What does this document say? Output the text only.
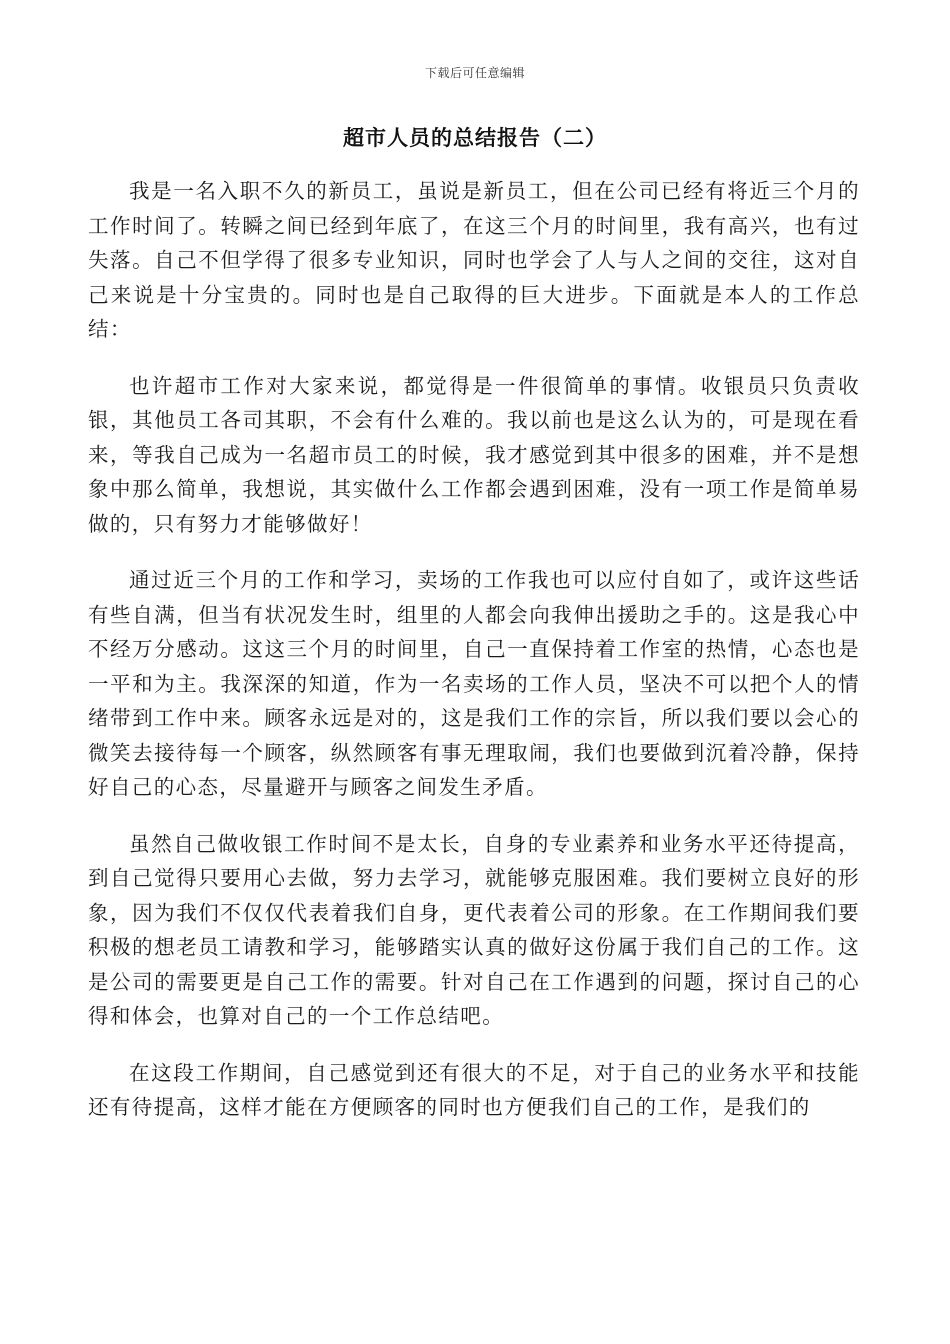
下载后可任意编辑
超市人员的总结报告（二）

我是一名入职不久的新员工，虽说是新员工，但在公司已经有将近三个月的工作时间了。转瞬之间已经到年底了，在这三个月的时间里，我有高兴，也有过失落。自己不但学得了很多专业知识，同时也学会了人与人之间的交往，这对自己来说是十分宝贵的。同时也是自己取得的巨大进步。下面就是本人的工作总结：

也许超市工作对大家来说，都觉得是一件很简单的事情。收银员只负责收银，其他员工各司其职，不会有什么难的。我以前也是这么认为的，可是现在看来，等我自己成为一名超市员工的时候，我才感觉到其中很多的困难，并不是想象中那么简单，我想说，其实做什么工作都会遇到困难，没有一项工作是简单易做的，只有努力才能够做好！

通过近三个月的工作和学习，卖场的工作我也可以应付自如了，或许这些话有些自满，但当有状况发生时，组里的人都会向我伸出援助之手的。这是我心中不经万分感动。这这三个月的时间里，自己一直保持着工作室的热情，心态也是一平和为主。我深深的知道，作为一名卖场的工作人员，坚决不可以把个人的情绪带到工作中来。顾客永远是对的，这是我们工作的宗旨，所以我们要以会心的微笑去接待每一个顾客，纵然顾客有事无理取闹，我们也要做到沉着冷静，保持好自己的心态，尽量避开与顾客之间发生矛盾。

虽然自己做收银工作时间不是太长，自身的专业素养和业务水平还待提高，到自己觉得只要用心去做，努力去学习，就能够克服困难。我们要树立良好的形象，因为我们不仅仅代表着我们自身，更代表着公司的形象。在工作期间我们要积极的想老员工请教和学习，能够踏实认真的做好这份属于我们自己的工作。这是公司的需要更是自己工作的需要。针对自己在工作遇到的问题，探讨自己的心得和体会，也算对自己的一个工作总结吧。

在这段工作期间，自己感觉到还有很大的不足，对于自己的业务水平和技能还有待提高，这样才能在方便顾客的同时也方便我们自己的工作，是我们的
